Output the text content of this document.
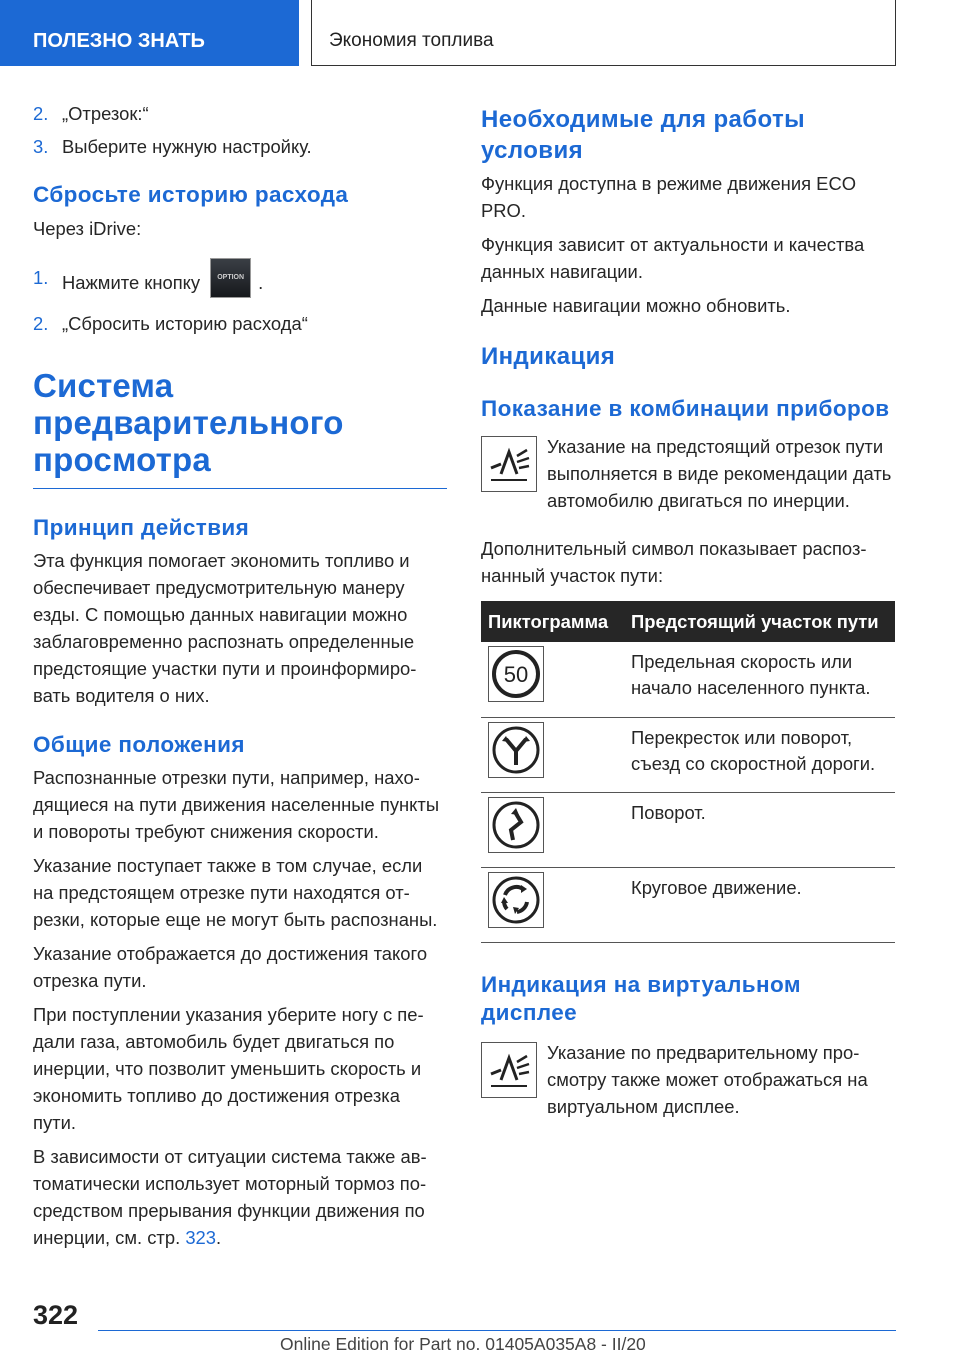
ПОЛЕЗНО ЗНАТЬ	Экономия топлива
2. „Отрезок:“
3. Выберите нужную настройку.
Сбросьте историю расхода

Через iDrive:

1. Нажмите кнопку OPTION .
2. „Сбросить историю расхода“
Система предварительного просмотра
Принцип действия

Эта функция помогает экономить топливо и обеспечивает предусмотрительную манеру езды. С помощью данных навигации можно заблаговременно распознать определенные предстоящие участки пути и проинформировать водителя о них.

Общие положения

Распознанные отрезки пути, например, находящиеся на пути движения населенные пункты и повороты требуют снижения скорости.

Указание поступает также в том случае, если на предстоящем отрезке пути находятся отрезки, которые еще не могут быть распознаны.

Указание отображается до достижения такого отрезка пути.

При поступлении указания уберите ногу с педали газа, автомобиль будет двигаться по инерции, что позволит уменьшить скорость и экономить топливо до достижения отрезка пути.

В зависимости от ситуации система также автоматически использует моторный тормоз посредством прерывания функции движения по инерции, см. стр. 323.

Необходимые для работы условия

Функция доступна в режиме движения ECO PRO.

Функция зависит от актуальности и качества данных навигации.

Данные навигации можно обновить.

Индикация
Показание в комбинации приборов

Указание на предстоящий отрезок пути выполняется в виде рекомендации дать автомобилю двигаться по инерции.

Дополнительный символ показывает распознанный участок пути:

Пиктограмма	Предстоящий участок пути

50	Предельная скорость или начало населенного пункта.

	Перекресток или поворот, съезд со скоростной дороги.

	Поворот.

	Круговое движение.
Индикация на виртуальном дисплее

Указание по предварительному просмотру также может отображаться на виртуальном дисплее.

322
Online Edition for Part no. 01405A035A8 - II/20
